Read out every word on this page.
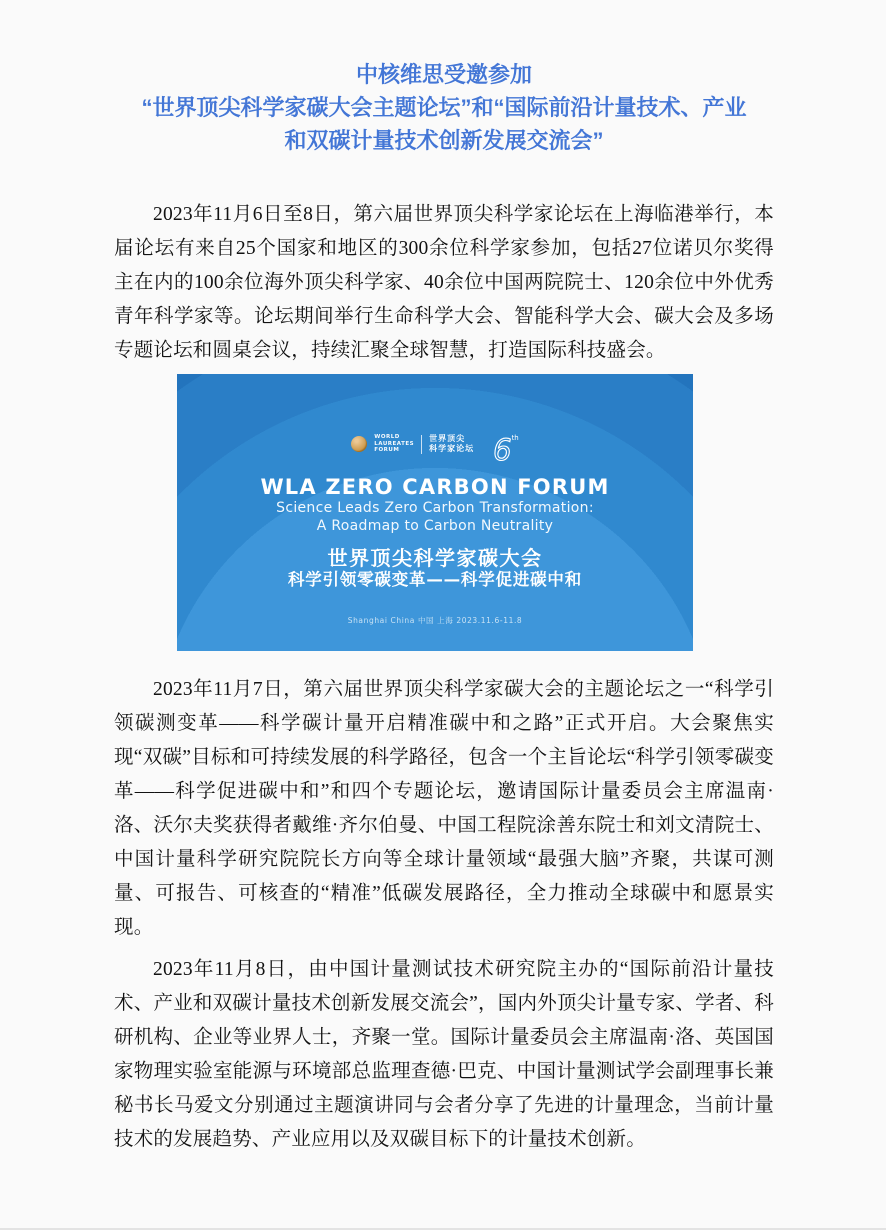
中核维思受邀参加
“世界顶尖科学家碳大会主题论坛”和“国际前沿计量技术、产业
和双碳计量技术创新发展交流会”

2023年11月6日至8日，第六届世界顶尖科学家论坛在上海临港举行，本届论坛有来自25个国家和地区的300余位科学家参加，包括27位诺贝尔奖得主在内的100余位海外顶尖科学家、40余位中国两院院士、120余位中外优秀青年科学家等。论坛期间举行生命科学大会、智能科学大会、碳大会及多场专题论坛和圆桌会议，持续汇聚全球智慧，打造国际科技盛会。

WORLD
LAUREATES
FORUM
世界顶尖
科学家论坛 6th
WLA ZERO CARBON FORUM
Science Leads Zero Carbon Transformation:
A Roadmap to Carbon Neutrality
世界顶尖科学家碳大会
科学引领零碳变革——科学促进碳中和
Shanghai China 中国 上海 2023.11.6-11.8

2023年11月7日，第六届世界顶尖科学家碳大会的主题论坛之一“科学引领碳测变革——科学碳计量开启精准碳中和之路”正式开启。大会聚焦实现“双碳”目标和可持续发展的科学路径，包含一个主旨论坛“科学引领零碳变革——科学促进碳中和”和四个专题论坛，邀请国际计量委员会主席温南·洛、沃尔夫奖获得者戴维·齐尔伯曼、中国工程院涂善东院士和刘文清院士、中国计量科学研究院院长方向等全球计量领域“最强大脑”齐聚，共谋可测量、可报告、可核查的“精准”低碳发展路径，全力推动全球碳中和愿景实现。

2023年11月8日，由中国计量测试技术研究院主办的“国际前沿计量技术、产业和双碳计量技术创新发展交流会”，国内外顶尖计量专家、学者、科研机构、企业等业界人士，齐聚一堂。国际计量委员会主席温南·洛、英国国家物理实验室能源与环境部总监理查德·巴克、中国计量测试学会副理事长兼秘书长马爱文分别通过主题演讲同与会者分享了先进的计量理念，当前计量技术的发展趋势、产业应用以及双碳目标下的计量技术创新。
